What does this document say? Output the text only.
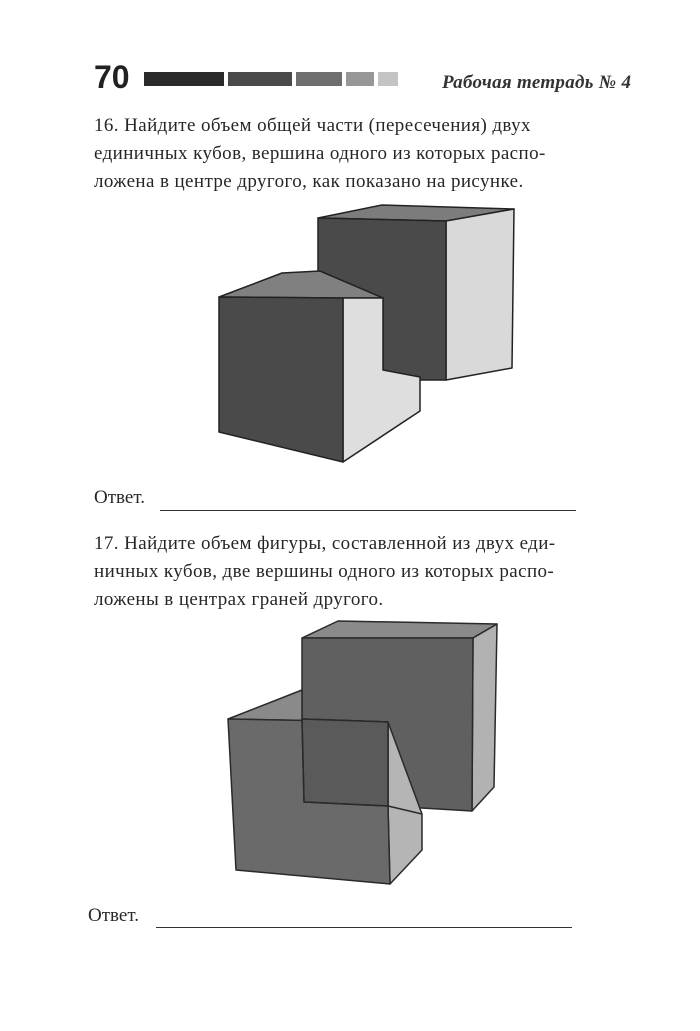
70	Рабочая тетрадь № 4
16. Найдите объем общей части (пересечения) двух
единичных кубов, вершина одного из которых распо-
ложена в центре другого, как показано на рисунке.
Ответ.
17. Найдите объем фигуры, составленной из двух еди-
ничных кубов, две вершины одного из которых распо-
ложены в центрах граней другого.
Ответ.
